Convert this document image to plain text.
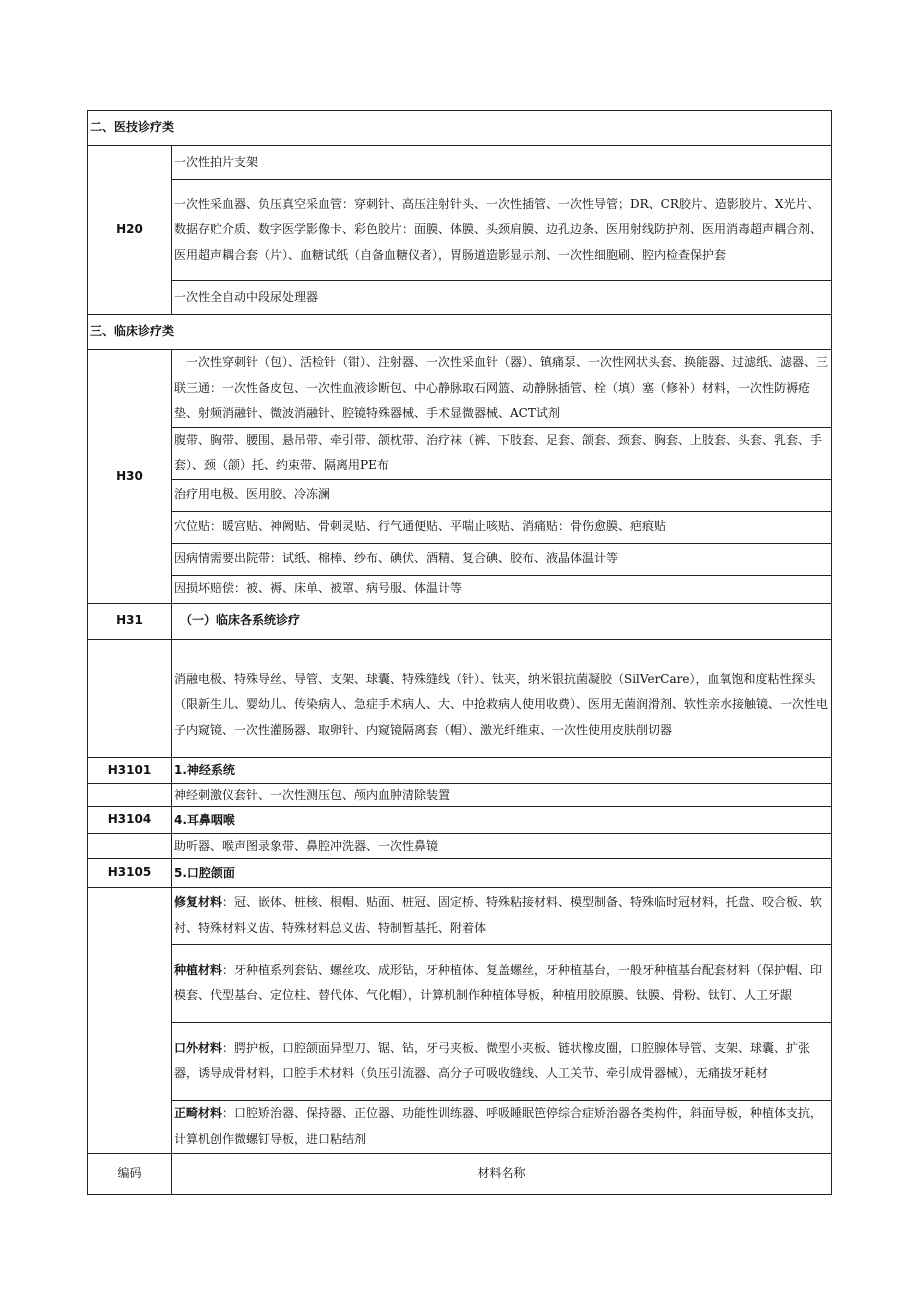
二、医技诊疗类	
H20	一次性拍片支架
	一次性采血器、负压真空采血管：穿刺针、高压注射针头、一次性插管、一次性导管；DR、CR胶片、造影胶片、X光片、数据存贮介质、数字医学影像卡、彩色胶片：面膜、体膜、头颈肩膜、边孔边条、医用射线防护剂、医用消毒超声耦合剂、医用超声耦合套（片）、血糖试纸（自备血糖仪者），胃肠道造影显示剂、一次性细胞刷、腔内检查保护套
	一次性全自动中段尿处理器
三、临床诊疗类	
H30	一次性穿刺针（包）、活检针（钳）、注射器、一次性采血针（器）、镇痛泵、一次性网状头套、换能器、过滤纸、滤器、三联三通：一次性备皮包、一次性血液诊断包、中心静脉取石网篮、动静脉插管、栓（填）塞（修补）材料，一次性防褥疮垫、射频消融针、微波消融针、腔镜特殊器械、手术显微器械、ACT试剂
	腹带、胸带、腰围、悬吊带、牵引带、颌枕带、治疗袜（裤、下肢套、足套、颌套、颈套、胸套、上肢套、头套、乳套、手套）、颈（颌）托、约束带、隔离用PE布
	治疗用电极、医用胶、冷冻澜
	穴位贴：暖宫贴、神阙贴、骨刺灵贴、行气通便贴、平喘止咳贴、消痛贴：骨伤愈膜、疤痕贴
	因病情需要出院带：试纸、棉棒、纱布、碘伏、酒精、复合碘、胶布、液晶体温计等
	因损坏赔偿：被、褥、床单、被罩、病号服、体温计等
H31	（一）临床各系统诊疗
	消融电极、特殊导丝、导管、支架、球囊、特殊缝线（针）、钛夹，纳米银抗菌凝胶（SilVerCare），血氧饱和度粘性探头（限新生儿、婴幼儿、传染病人、急症手术病人、大、中抢救病人使用收费）、医用无菌润滑剂、软性亲水接触镜、一次性电子内窥镜、一次性灌肠器、取卵针、内窥镜隔离套（帽）、激光纤维束、一次性使用皮肤削切器
H3101	1.神经系统
	神经刺激仪套针、一次性测压包、颅内血肿清除装置
H3104	4.耳鼻咽喉
	助听器、喉声图录象带、鼻腔冲洗器、一次性鼻镜
H3105	5.口腔颌面
	修复材料：冠、嵌体、桩核、根帽、贴面、桩冠、固定桥、特殊粘接材料、模型制备、特殊临时冠材料，托盘、咬合板、软衬、特殊材料义齿、特殊材料总义齿、特制暂基托、附着体
	种植材料：牙种植系列套钻、螺丝攻、成形钻，牙种植体、复盖螺丝，牙种植基台，一般牙种植基台配套材料（保护帽、印模套、代型基台、定位柱、替代体、气化帽），计算机制作种植体导板，种植用胶原膜、钛膜、骨粉、钛钉、人工牙龈
	口外材料：腭护板，口腔颌面异型刀、锯、钻，牙弓夹板、微型小夹板、链状橡皮圈，口腔腺体导管、支架、球囊、扩张器，诱导成骨材料，口腔手术材料（负压引流器、高分子可吸收缝线、人工关节、牵引成骨器械），无痛拔牙耗材
	正畸材料：口腔矫治器、保持器、正位器、功能性训练器、呼吸睡眠笆停综合症矫治器各类构件，斜面导板，种植体支抗，计算机创作微螺钉导板，进口粘结剂
编码	材料名称
